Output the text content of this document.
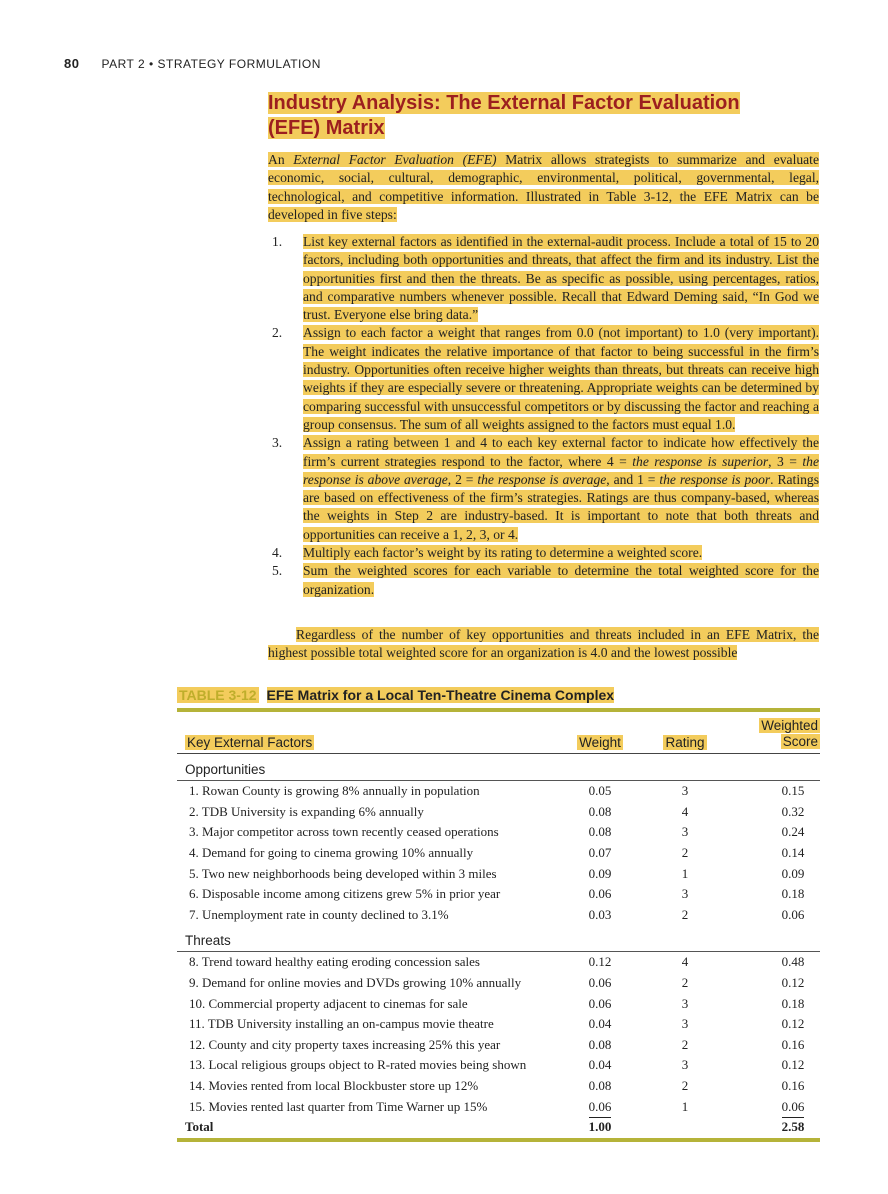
80 PART 2 • STRATEGY FORMULATION
Industry Analysis: The External Factor Evaluation
(EFE) Matrix

An External Factor Evaluation (EFE) Matrix allows strategists to summarize and evaluate economic, social, cultural, demographic, environmental, political, governmental, legal, technological, and competitive information. Illustrated in Table 3-12, the EFE Matrix can be developed in five steps:

1.	List key external factors as identified in the external-audit process. Include a total of 15 to 20 factors, including both opportunities and threats, that affect the firm and its industry. List the opportunities first and then the threats. Be as specific as possible, using percentages, ratios, and comparative numbers whenever possible. Recall that Edward Deming said, “In God we trust. Everyone else bring data.”
2.	Assign to each factor a weight that ranges from 0.0 (not important) to 1.0 (very important). The weight indicates the relative importance of that factor to being successful in the firm’s industry. Opportunities often receive higher weights than threats, but threats can receive high weights if they are especially severe or threatening. Appropriate weights can be determined by comparing successful with unsuccessful competitors or by discussing the factor and reaching a group consensus. The sum of all weights assigned to the factors must equal 1.0.
3.	Assign a rating between 1 and 4 to each key external factor to indicate how effectively the firm’s current strategies respond to the factor, where 4 = the response is superior, 3 = the response is above average, 2 = the response is average, and 1 = the response is poor. Ratings are based on effectiveness of the firm’s strategies. Ratings are thus company-based, whereas the weights in Step 2 are industry-based. It is important to note that both threats and opportunities can receive a 1, 2, 3, or 4.
4.	Multiply each factor’s weight by its rating to determine a weighted score.
5.	Sum the weighted scores for each variable to determine the total weighted score for the organization.

Regardless of the number of key opportunities and threats included in an EFE Matrix, the highest possible total weighted score for an organization is 4.0 and the lowest possible

TABLE 3-12 EFE Matrix for a Local Ten-Theatre Cinema Complex
Key External Factors	Weight	Rating	Weighted
Score
Opportunities			
1. Rowan County is growing 8% annually in population	0.05	3	0.15
2. TDB University is expanding 6% annually	0.08	4	0.32
3. Major competitor across town recently ceased operations	0.08	3	0.24
4. Demand for going to cinema growing 10% annually	0.07	2	0.14
5. Two new neighborhoods being developed within 3 miles	0.09	1	0.09
6. Disposable income among citizens grew 5% in prior year	0.06	3	0.18
7. Unemployment rate in county declined to 3.1%	0.03	2	0.06
Threats			
8. Trend toward healthy eating eroding concession sales	0.12	4	0.48
9. Demand for online movies and DVDs growing 10% annually	0.06	2	0.12
10. Commercial property adjacent to cinemas for sale	0.06	3	0.18
11. TDB University installing an on-campus movie theatre	0.04	3	0.12
12. County and city property taxes increasing 25% this year	0.08	2	0.16
13. Local religious groups object to R-rated movies being shown	0.04	3	0.12
14. Movies rented from local Blockbuster store up 12%	0.08	2	0.16
15. Movies rented last quarter from Time Warner up 15%	0.06	1	0.06
Total	1.00		2.58
